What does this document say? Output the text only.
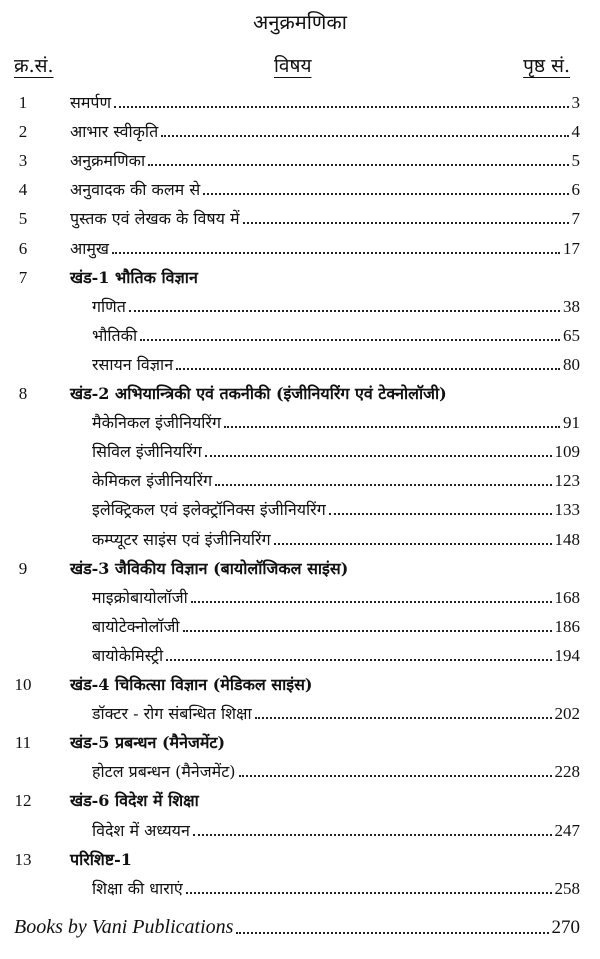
अनुक्रमणिका
क्र.सं.	विषय	पृष्ठ सं.
1	समर्पण	3
2	आभार स्वीकृति	4
3	अनुक्रमणिका	5
4	अनुवादक की कलम से	6
5	पुस्तक एवं लेखक के विषय में	7
6	आमुख	17
7	खंड-1 भौतिक विज्ञान
गणित	38
भौतिकी	65
रसायन विज्ञान	80
8	खंड-2 अभियान्त्रिकी एवं तकनीकी (इंजीनियरिंग एवं टेक्नोलॉजी)
मैकेनिकल इंजीनियरिंग	91
सिविल इंजीनियरिंग	109
केमिकल इंजीनियरिंग	123
इलेक्ट्रिकल एवं इलेक्ट्रॉनिक्स इंजीनियरिंग	133
कम्प्यूटर साइंस एवं इंजीनियरिंग	148
9	खंड-3 जैविकीय विज्ञान (बायोलॉजिकल साइंस)
माइक्रोबायोलॉजी	168
बायोटेक्नोलॉजी	186
बायोकेमिस्ट्री	194
10	खंड-4 चिकित्सा विज्ञान (मेडिकल साइंस)
डॉक्टर - रोग संबन्धित शिक्षा	202
11	खंड-5 प्रबन्धन (मैनेजमेंट)
होटल प्रबन्धन (मैनेजमेंट)	228
12	खंड-6 विदेश में शिक्षा
विदेश में अध्ययन	247
13	परिशिष्ट-1
शिक्षा की धाराएं	258
Books by Vani Publications	270
